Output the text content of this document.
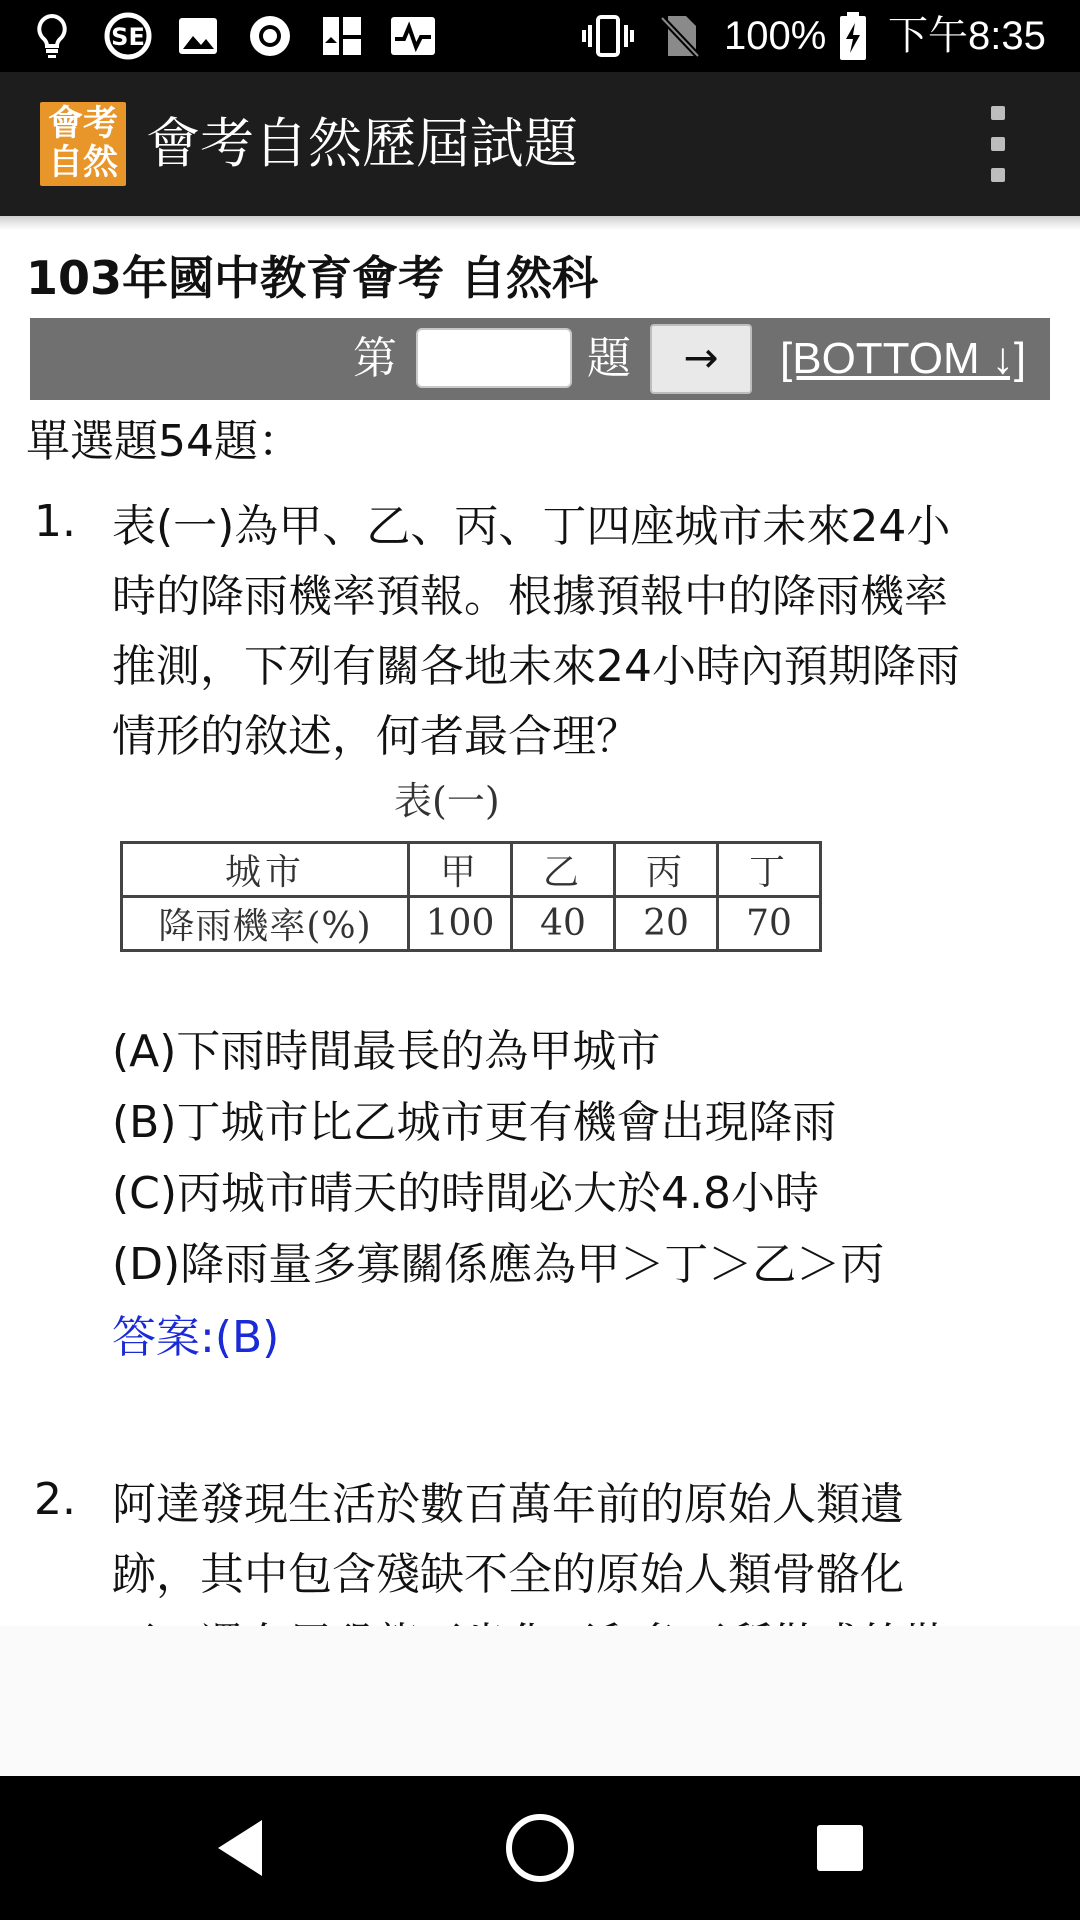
SE	100% 下午8:35
會考
自然 會考自然歷屆試題
103年國中教育會考 自然科
第	題	→	[BOTTOM ↓]
單選題54題：
1. 表(一)為甲、乙、丙、丁四座城市未來24小
時的降雨機率預報。根據預報中的降雨機率
推測，下列有關各地未來24小時內預期降雨
情形的敘述，何者最合理？
表(一)
城市	甲	乙	丙	丁
降雨機率(%)	100	40	20	70
(A)下雨時間最長的為甲城市
(B)丁城市比乙城市更有機會出現降雨
(C)丙城市晴天的時間必大於4.8小時
(D)降雨量多寡關係應為甲＞丁＞乙＞丙
答案:(B)
2. 阿達發現生活於數百萬年前的原始人類遺
跡，其中包含殘缺不全的原始人類骨骼化
